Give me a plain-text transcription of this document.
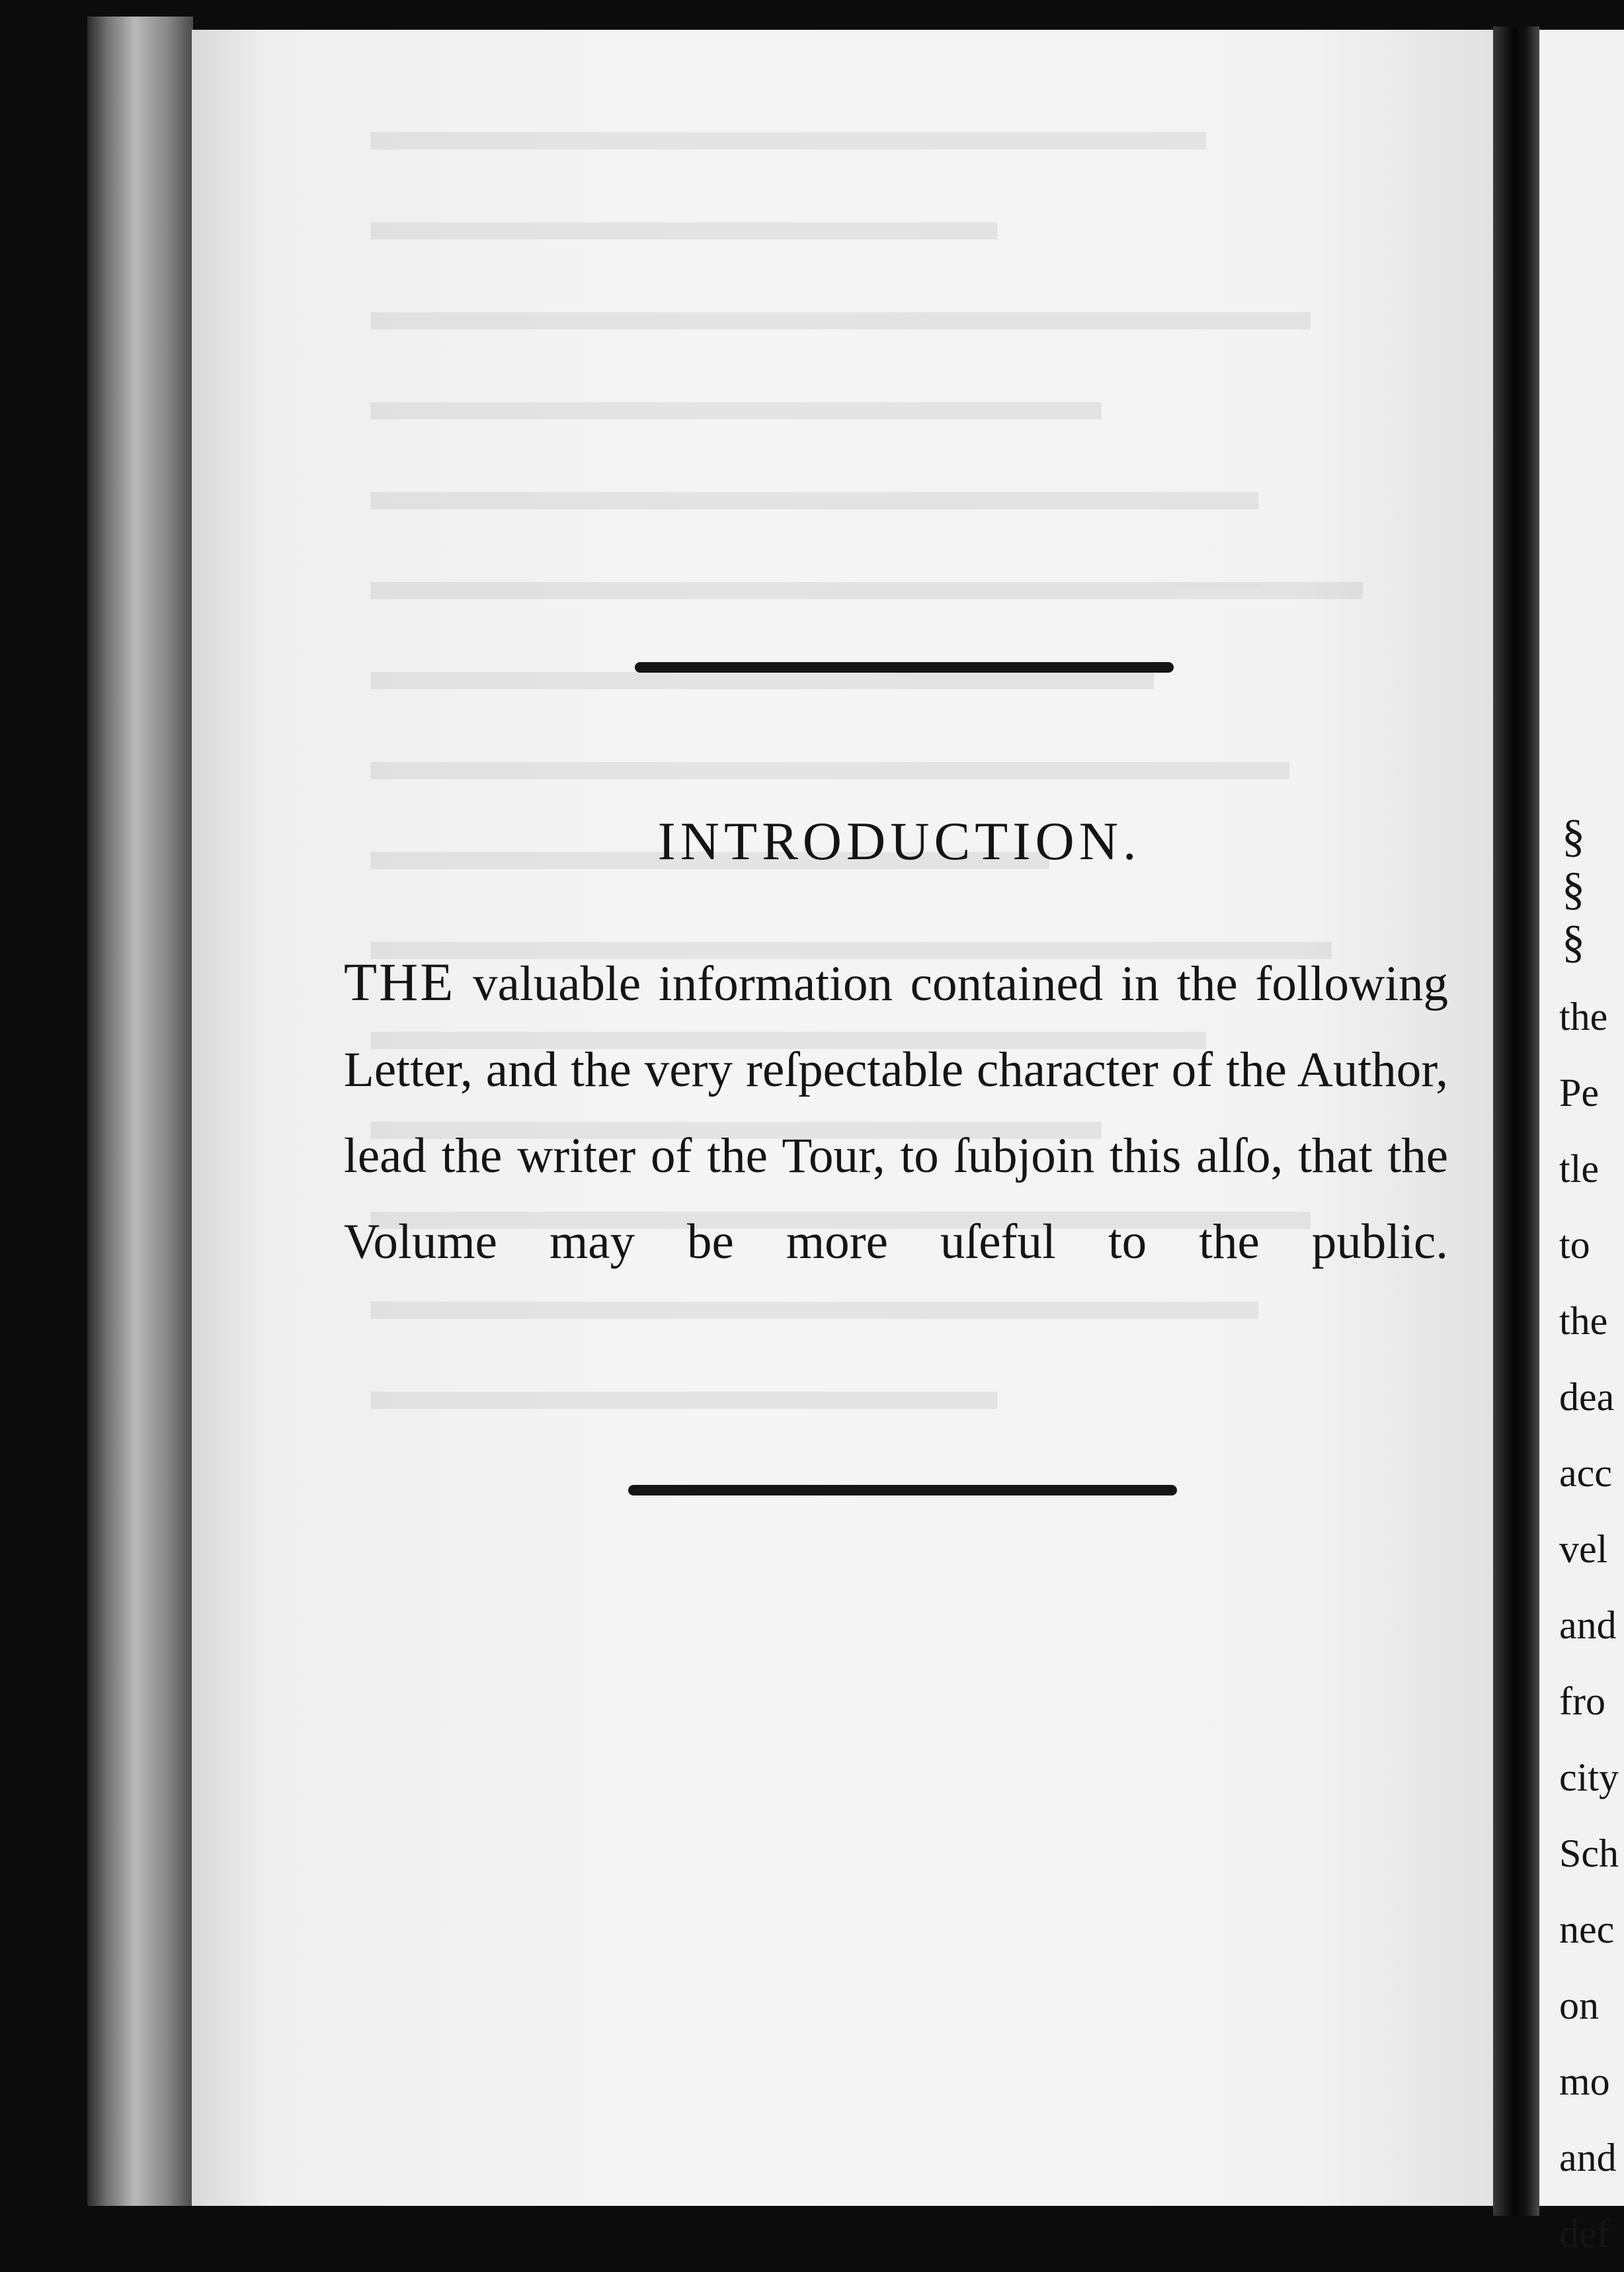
INTRODUCTION.
THE valuable information contained in the following Letter, and the very reſpectable character of the Author, lead the writer of the Tour, to ſubjoin this alſo, that the Volume may be more uſeful to the public.
§
§
§
the
Pe
tle
to
the
dea
acc
vel
and
fro
city
Sch
nec
on
mo
and
def
